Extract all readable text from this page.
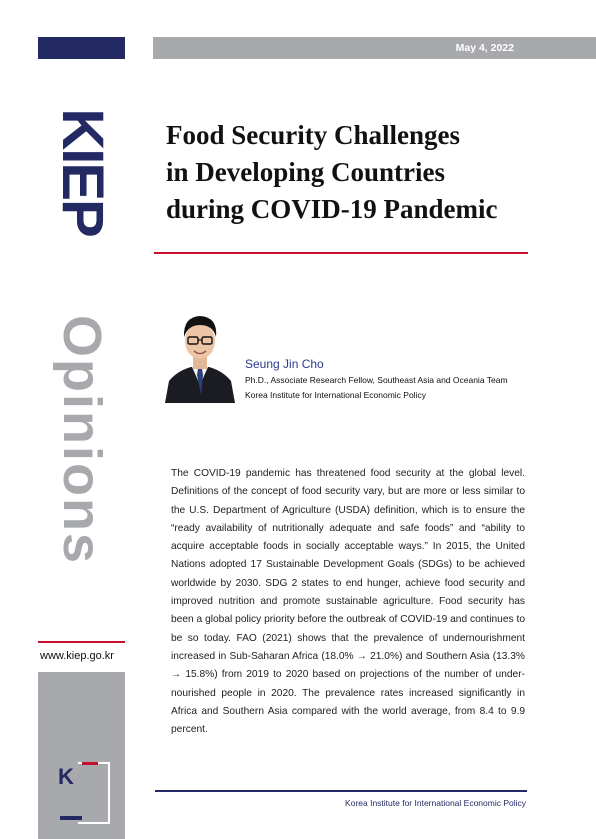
May 4, 2022
KIEP
Opinions
Food Security Challenges
in Developing Countries
during COVID-19 Pandemic
Seung Jin Cho
Ph.D., Associate Research Fellow, Southeast Asia and Oceania Team
Korea Institute for International Economic Policy

The COVID-19 pandemic has threatened food security at the global level. Definitions of the concept of food security vary, but are more or less similar to the U.S. Department of Agriculture (USDA) definition, which is to ensure the “ready availability of nutritionally adequate and safe foods” and “ability to acquire acceptable foods in socially acceptable ways.” In 2015, the United Nations adopted 17 Sustainable Development Goals (SDGs) to be achieved worldwide by 2030. SDG 2 states to end hunger, achieve food security and improved nutrition and promote sustainable agriculture. Food security has been a global policy priority before the outbreak of COVID-19 and continues to be so today. FAO (2021) shows that the prevalence of undernourishment increased in Sub-Saharan Africa (18.0% → 21.0%) and Southern Asia (13.3% → 15.8%) from 2019 to 2020 based on projections of the number of under-nourished people in 2020. The prevalence rates increased significantly in Africa and Southern Asia compared with the world average, from 8.4 to 9.9 percent.

www.kiep.go.kr
K
Korea Institute for International Economic Policy
